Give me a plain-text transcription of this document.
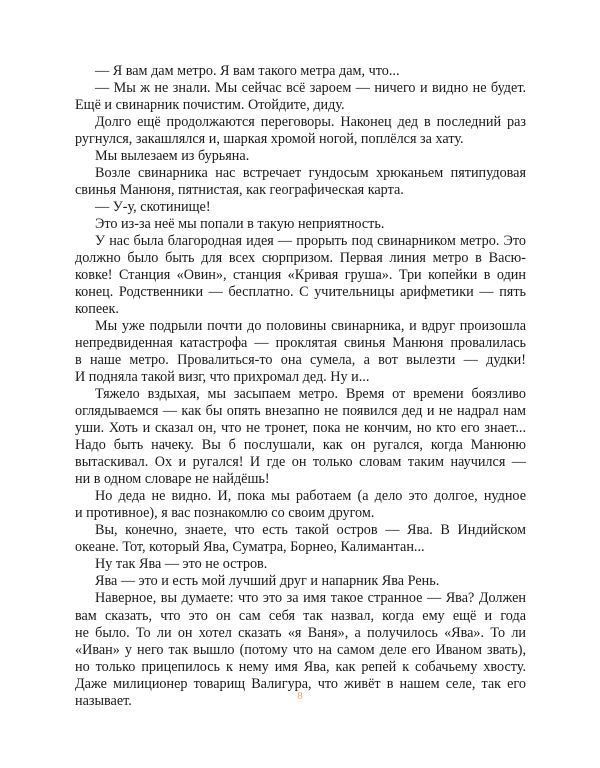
— Я вам дам метро. Я вам такого метра дам, что...
— Мы ж не знали. Мы сейчас всё зароем — ничего и видно не будет.
Ещё и свинарник почистим. Отойдите, диду.
Долго ещё продолжаются переговоры. Наконец дед в последний раз
ругнулся, закашлялся и, шаркая хромой ногой, поплёлся за хату.
Мы вылезаем из бурьяна.
Возле свинарника нас встречает гундосым хрюканьем пятипудовая
свинья Манюня, пятнистая, как географическая карта.
— У-у, скотинище!
Это из-за неё мы попали в такую неприятность.
У нас была благородная идея — прорыть под свинарником метро. Это
должно было быть для всех сюрпризом. Первая линия метро в Васю-
ковке! Станция «Овин», станция «Кривая груша». Три копейки в один
конец. Родственники — бесплатно. С учительницы арифметики — пять
копеек.
Мы уже подрыли почти до половины свинарника, и вдруг произошла
непредвиденная катастрофа — проклятая свинья Манюня провалилась
в наше метро. Провалиться-то она сумела, а вот вылезти — дудки!
И подняла такой визг, что прихромал дед. Ну и...
Тяжело вздыхая, мы засыпаем метро. Время от времени боязливо
оглядываемся — как бы опять внезапно не появился дед и не надрал нам
уши. Хоть и сказал он, что не тронет, пока не кончим, но кто его знает...
Надо быть начеку. Вы б послушали, как он ругался, когда Манюню
вытаскивал. Ох и ругался! И где он только словам таким научился —
ни в одном словаре не найдёшь!
Но деда не видно. И, пока мы работаем (а дело это долгое, нудное
и противное), я вас познакомлю со своим другом.
Вы, конечно, знаете, что есть такой остров — Ява. В Индийском
океане. Тот, который Ява, Суматра, Борнео, Калимантан...
Ну так Ява — это не остров.
Ява — это и есть мой лучший друг и напарник Ява Рень.
Наверное, вы думаете: что это за имя такое странное — Ява? Должен
вам сказать, что это он сам себя так назвал, когда ему ещё и года
не было. То ли он хотел сказать «я Ваня», а получилось «Ява». То ли
«Иван» у него так вышло (потому что на самом деле его Иваном звать),
но только прицепилось к нему имя Ява, как репей к собачьему хвосту.
Даже милиционер товарищ Валигура, что живёт в нашем селе, так его
называет.	8
